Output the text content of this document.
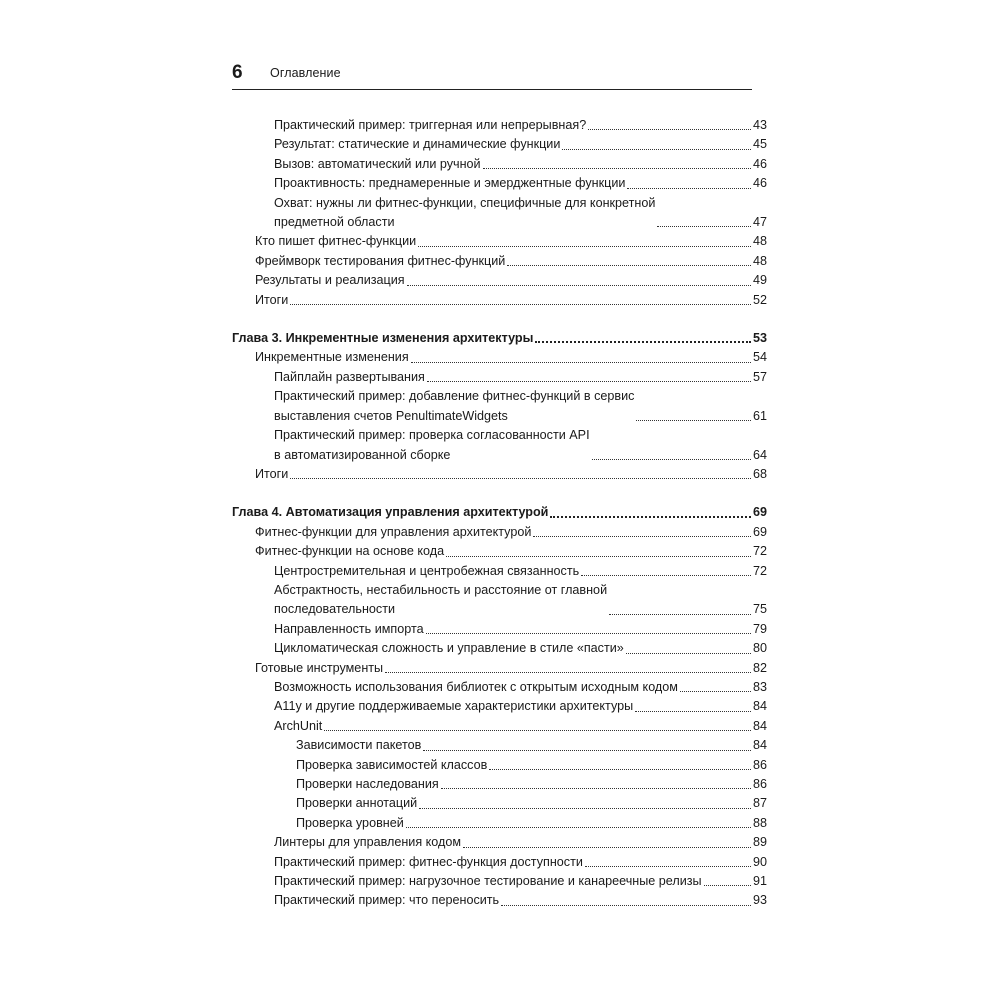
6 Оглавление
Практический пример: триггерная или непрерывная?	43
Результат: статические и динамические функции	45
Вызов: автоматический или ручной	46
Проактивность: преднамеренные и эмерджентные функции	46
Охват: нужны ли фитнес-функции, специфичные для конкретной
предметной области	47
Кто пишет фитнес-функции	48
Фреймворк тестирования фитнес-функций	48
Результаты и реализация	49
Итоги	52
Глава 3. Инкрементные изменения архитектуры	53
Инкрементные изменения	54
Пайплайн развертывания	57
Практический пример: добавление фитнес-функций в сервис
выставления счетов PenultimateWidgets	61
Практический пример: проверка согласованности API
в автоматизированной сборке	64
Итоги	68
Глава 4. Автоматизация управления архитектурой	69
Фитнес-функции для управления архитектурой	69
Фитнес-функции на основе кода	72
Центростремительная и центробежная связанность	72
Абстрактность, нестабильность и расстояние от главной
последовательности	75
Направленность импорта	79
Цикломатическая сложность и управление в стиле «пасти»	80
Готовые инструменты	82
Возможность использования библиотек с открытым исходным кодом	83
A11y и другие поддерживаемые характеристики архитектуры	84
ArchUnit	84
Зависимости пакетов	84
Проверка зависимостей классов	86
Проверки наследования	86
Проверки аннотаций	87
Проверка уровней	88
Линтеры для управления кодом	89
Практический пример: фитнес-функция доступности	90
Практический пример: нагрузочное тестирование и канареечные релизы	91
Практический пример: что переносить	93
